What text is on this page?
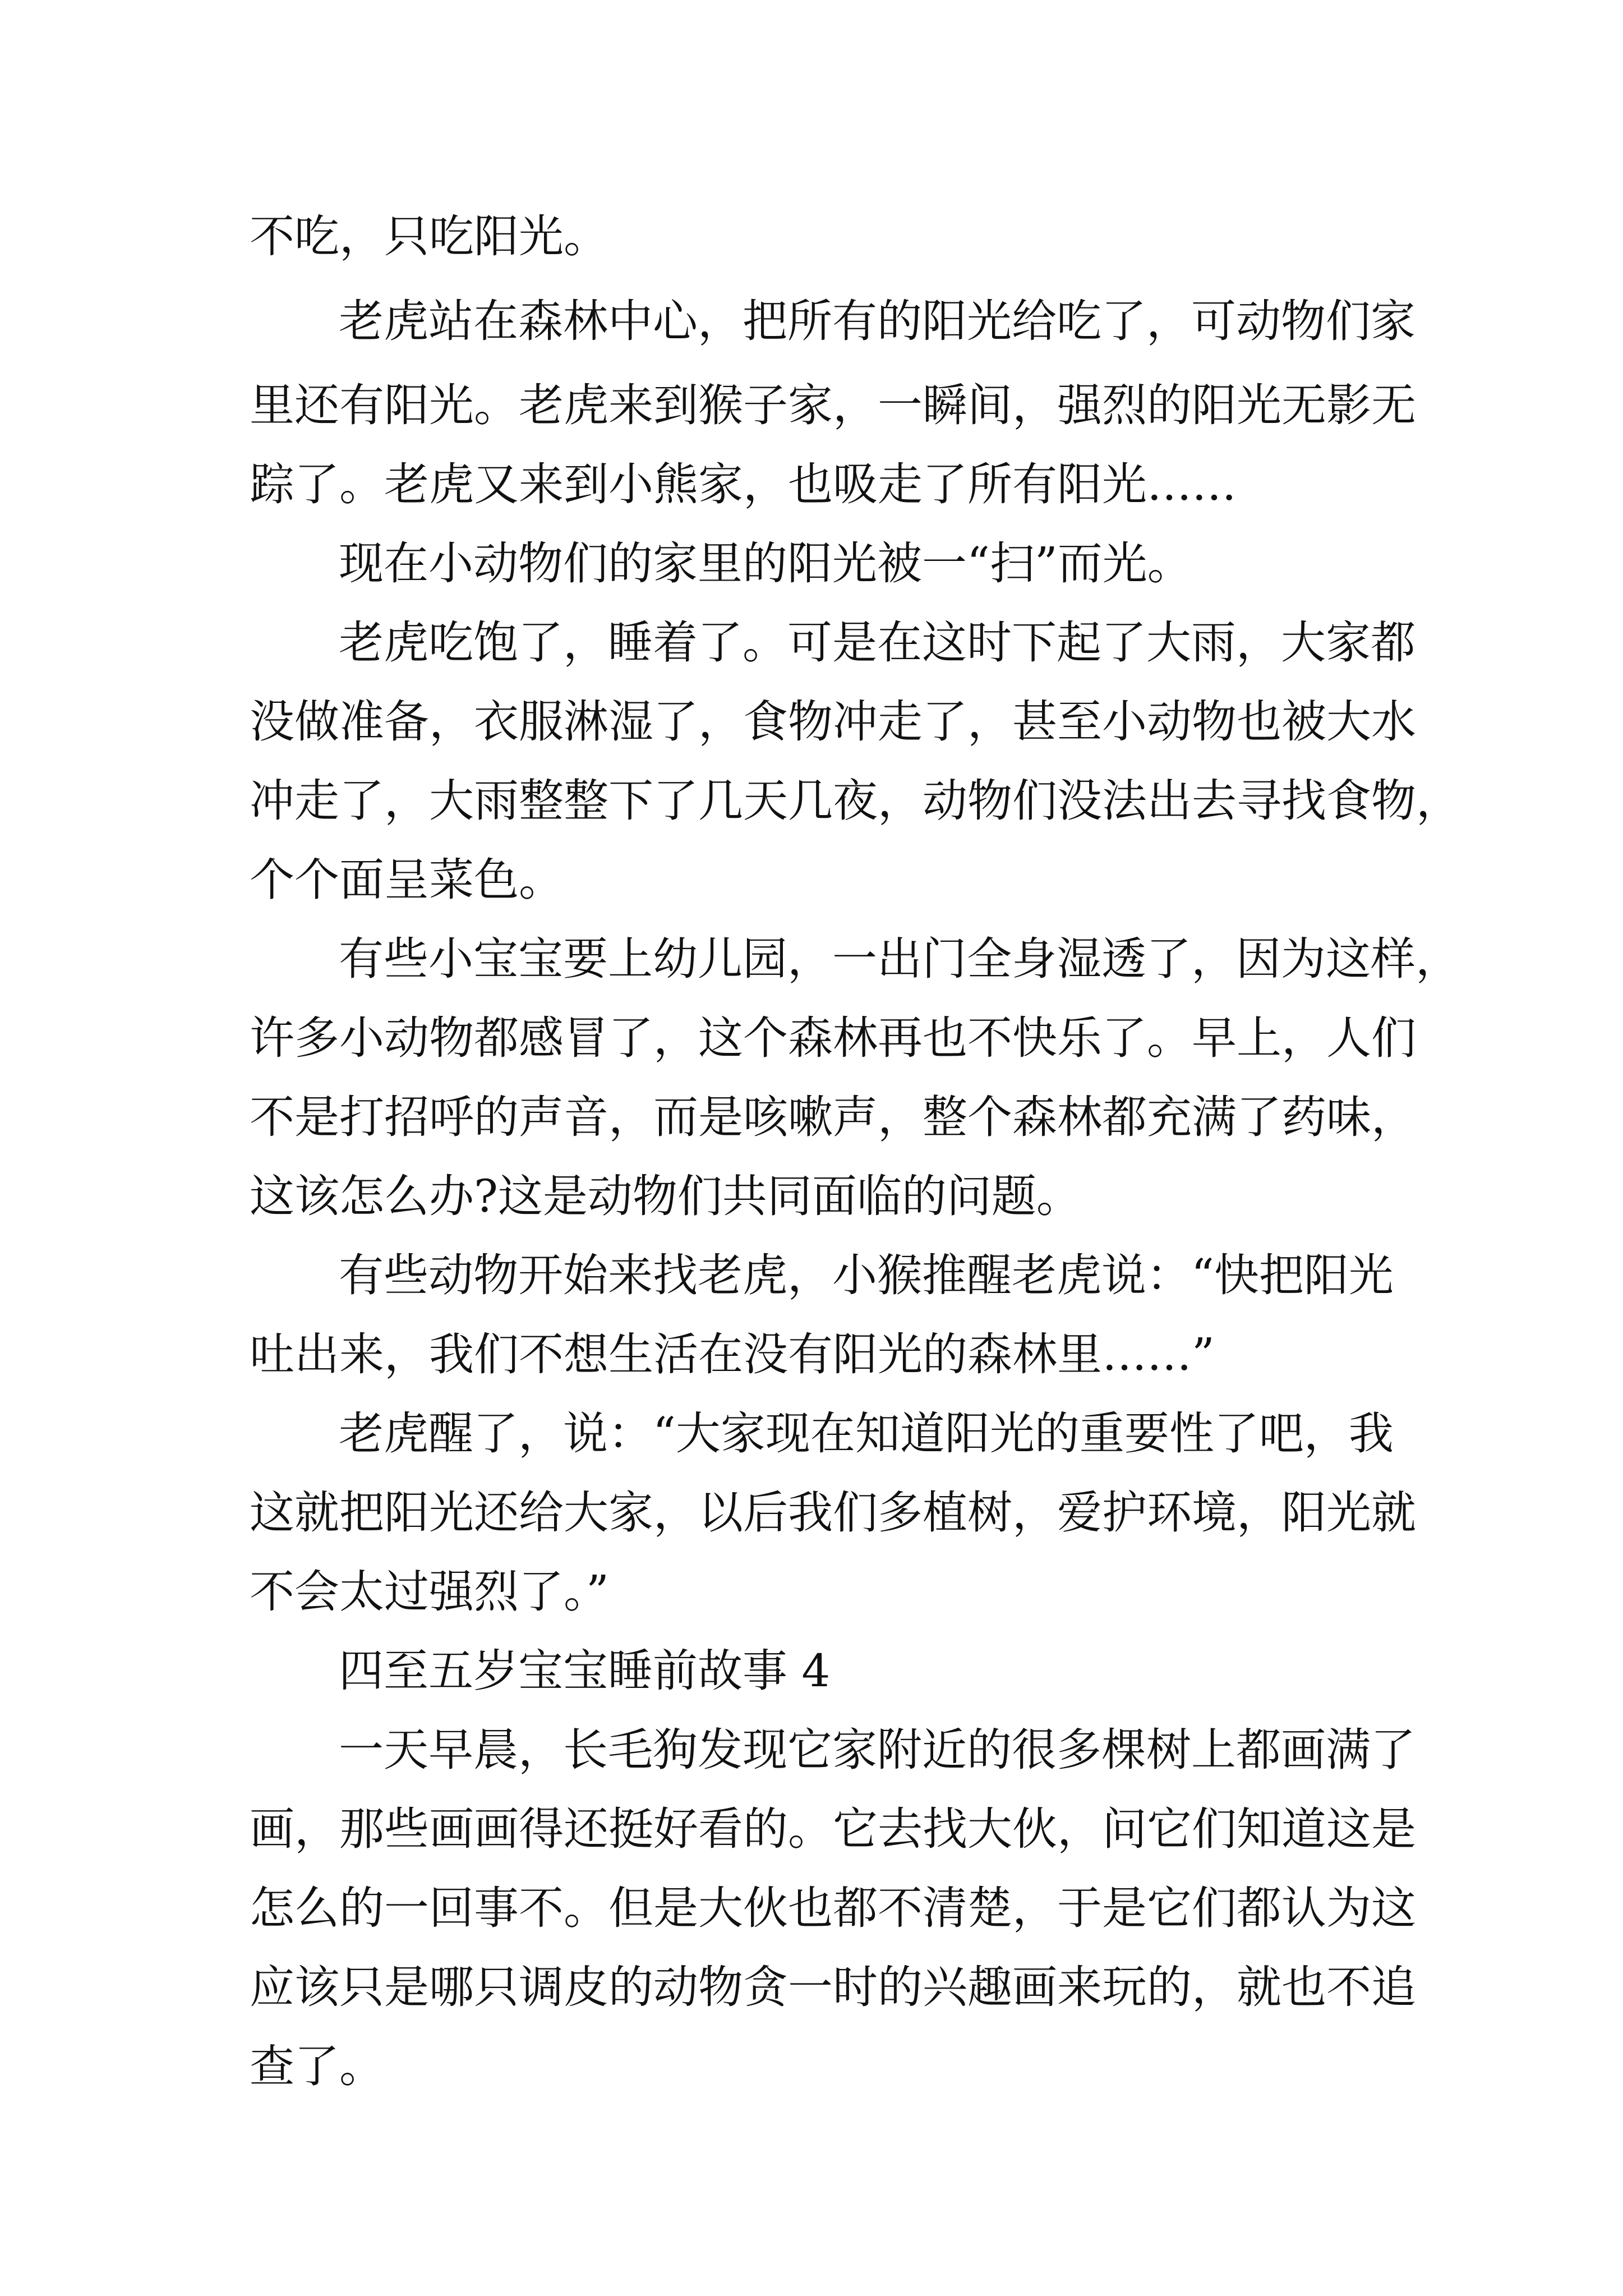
不吃，只吃阳光。

老虎站在森林中心，把所有的阳光给吃了，可动物们家

里还有阳光。老虎来到猴子家，一瞬间，强烈的阳光无影无

踪了。老虎又来到小熊家，也吸走了所有阳光……

现在小动物们的家里的阳光被一“扫”而光。

老虎吃饱了，睡着了。可是在这时下起了大雨，大家都

没做准备，衣服淋湿了，食物冲走了，甚至小动物也被大水

冲走了，大雨整整下了几天几夜，动物们没法出去寻找食物，

个个面呈菜色。

有些小宝宝要上幼儿园，一出门全身湿透了，因为这样，

许多小动物都感冒了，这个森林再也不快乐了。早上，人们

不是打招呼的声音，而是咳嗽声，整个森林都充满了药味，

这该怎么办?这是动物们共同面临的问题。

有些动物开始来找老虎，小猴推醒老虎说：“快把阳光

吐出来，我们不想生活在没有阳光的森林里……”

老虎醒了，说：“大家现在知道阳光的重要性了吧，我

这就把阳光还给大家，以后我们多植树，爱护环境，阳光就

不会太过强烈了。”

四至五岁宝宝睡前故事 4

一天早晨，长毛狗发现它家附近的很多棵树上都画满了

画，那些画画得还挺好看的。它去找大伙，问它们知道这是

怎么的一回事不。但是大伙也都不清楚，于是它们都认为这

应该只是哪只调皮的动物贪一时的兴趣画来玩的，就也不追

查了。
